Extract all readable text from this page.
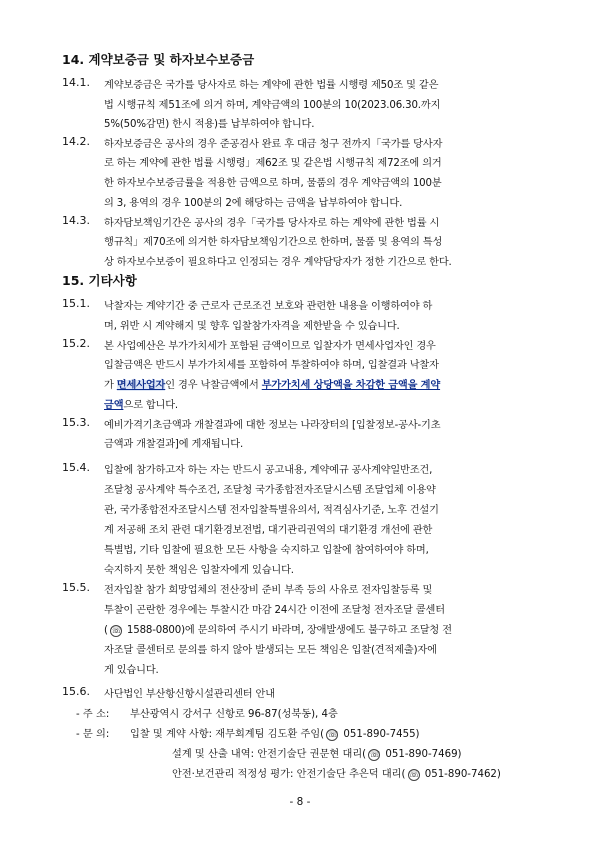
14. 계약보증금 및 하자보수보증금
14.1. 계약보증금은 국가를 당사자로 하는 계약에 관한 법률 시행령 제50조 및 같은
법 시행규칙 제51조에 의거 하며, 계약금액의 100분의 10(2023.06.30.까지
5%(50%감면) 한시 적용)를 납부하여야 합니다.
14.2. 하자보증금은 공사의 경우 준공검사 완료 후 대금 청구 전까지「국가를 당사자
로 하는 계약에 관한 법률 시행령」제62조 및 같은법 시행규칙 제72조에 의거
한 하자보수보증금률을 적용한 금액으로 하며, 물품의 경우 계약금액의 100분
의 3, 용역의 경우 100분의 2에 해당하는 금액을 납부하여야 합니다.
14.3. 하자담보책임기간은 공사의 경우「국가를 당사자로 하는 계약에 관한 법률 시
행규칙」제70조에 의거한 하자담보책임기간으로 한하며, 물품 및 용역의 특성
상 하자보수보증이 필요하다고 인정되는 경우 계약담당자가 정한 기간으로 한다.
15. 기타사항
15.1. 낙찰자는 계약기간 중 근로자 근로조건 보호와 관련한 내용을 이행하여야 하
며, 위반 시 계약해지 및 향후 입찰참가자격을 제한받을 수 있습니다.
15.2. 본 사업예산은 부가가치세가 포함된 금액이므로 입찰자가 면세사업자인 경우
입찰금액은 반드시 부가가치세를 포함하여 투찰하여야 하며, 입찰결과 낙찰자
가 면세사업자인 경우 낙찰금액에서 부가가치세 상당액을 차감한 금액을 계약
금액으로 합니다.
15.3. 예비가격기초금액과 개찰결과에 대한 정보는 나라장터의 [입찰정보-공사-기초
금액과 개찰결과]에 게재됩니다.
15.4. 입찰에 참가하고자 하는 자는 반드시 공고내용, 계약예규 공사계약일반조건,
조달청 공사계약 특수조건, 조달청 국가종합전자조달시스템 조달업체 이용약
관, 국가종합전자조달시스템 전자입찰특별유의서, 적격심사기준, 노후 건설기
계 저공해 조치 관련 대기환경보전법, 대기관리권역의 대기환경 개선에 관한
특별법, 기타 입찰에 필요한 모든 사항을 숙지하고 입찰에 참여하여야 하며,
숙지하지 못한 책임은 입찰자에게 있습니다.
15.5. 전자입찰 참가 희망업체의 전산장비 준비 부족 등의 사유로 전자입찰등록 및
투찰이 곤란한 경우에는 투찰시간 마감 24시간 이전에 조달청 전자조달 콜센터
( ☏ 1588-0800)에 문의하여 주시기 바라며, 장애발생에도 불구하고 조달청 전
자조달 콜센터로 문의를 하지 않아 발생되는 모든 책임은 입찰(견적제출)자에
게 있습니다.
15.6. 사단법인 부산항신항시설관리센터 안내
- 주 소: 부산광역시 강서구 신항로 96-87(성북동), 4층
- 문 의: 입찰 및 계약 사항: 재무회계팀 김도환 주임( ☏ 051-890-7455)
설계 및 산출 내역: 안전기술단 권문현 대리( ☏ 051-890-7469)
안전·보건관리 적정성 평가: 안전기술단 추은덕 대리( ☏ 051-890-7462)
- 8 -
